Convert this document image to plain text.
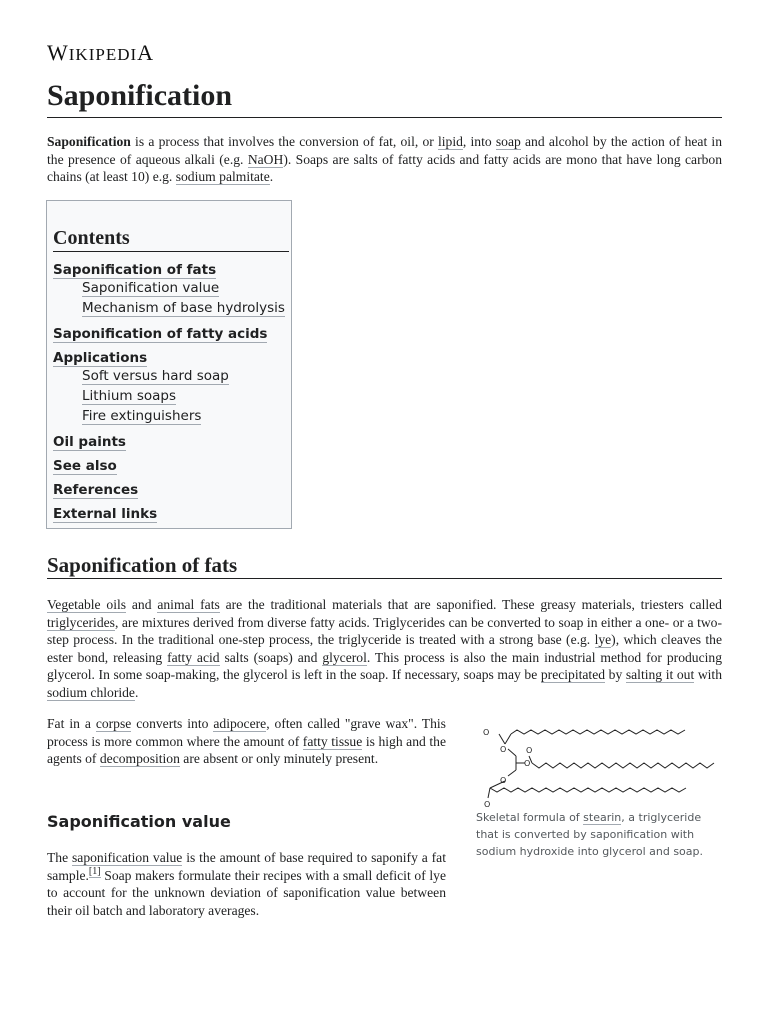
WIKIPEDIA
Saponification

Saponification is a process that involves the conversion of fat, oil, or lipid, into soap and alcohol by the action of heat in the presence of aqueous alkali (e.g. NaOH). Soaps are salts of fatty acids and fatty acids are mono that have long carbon chains (at least 10) e.g. sodium palmitate.

Contents
Saponification of fats
Saponification value
Mechanism of base hydrolysis
Saponification of fatty acids
Applications
Soft versus hard soap
Lithium soaps
Fire extinguishers
Oil paints
See also
References
External links
Saponification of fats

Vegetable oils and animal fats are the traditional materials that are saponified. These greasy materials, triesters called triglycerides, are mixtures derived from diverse fatty acids. Triglycerides can be converted to soap in either a one- or a two-step process. In the traditional one-step process, the triglyceride is treated with a strong base (e.g. lye), which cleaves the ester bond, releasing fatty acid salts (soaps) and glycerol. This process is also the main industrial method for producing glycerol. In some soap-making, the glycerol is left in the soap. If necessary, soaps may be precipitated by salting it out with sodium chloride.

Fat in a corpse converts into adipocere, often called "grave wax". This process is more common where the amount of fatty tissue is high and the agents of decomposition are absent or only minutely present.

O
O O
O
O
O
Skeletal formula of stearin, a triglyceride that is converted by saponification with sodium hydroxide into glycerol and soap.
Saponification value

The saponification value is the amount of base required to saponify a fat sample.[1] Soap makers formulate their recipes with a small deficit of lye to account for the unknown deviation of saponification value between their oil batch and laboratory averages.
